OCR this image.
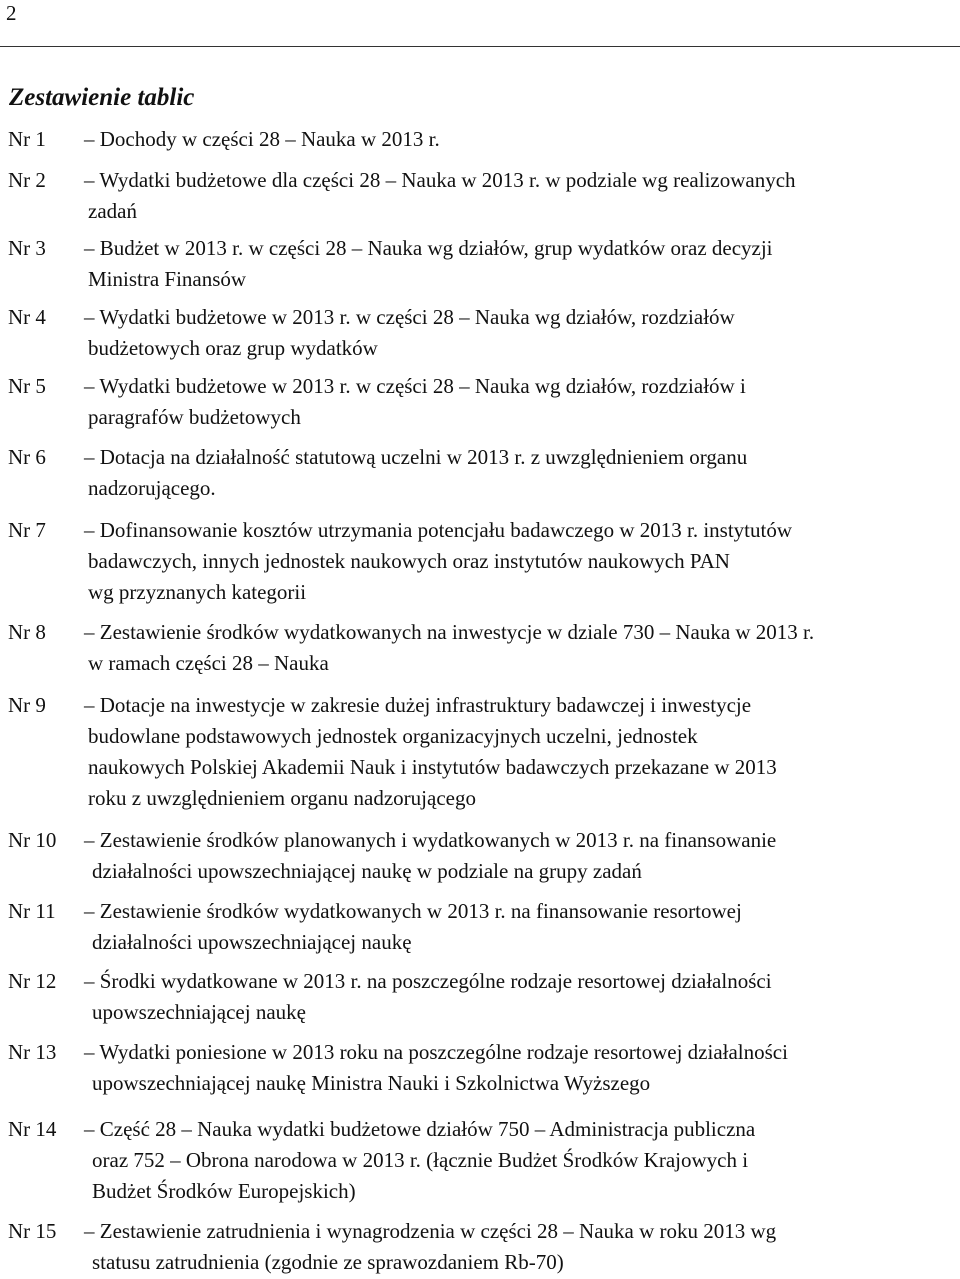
2
Zestawienie tablic
Nr 1 – Dochody w części 28 – Nauka w 2013 r.
Nr 2 – Wydatki budżetowe dla części 28 – Nauka w 2013 r. w podziale wg realizowanych
zadań
Nr 3 – Budżet w 2013 r. w części 28 – Nauka wg działów, grup wydatków oraz decyzji
Ministra Finansów
Nr 4 – Wydatki budżetowe w 2013 r. w części 28 – Nauka wg działów, rozdziałów
budżetowych oraz grup wydatków
Nr 5 – Wydatki budżetowe w 2013 r. w części 28 – Nauka wg działów, rozdziałów i
paragrafów budżetowych
Nr 6 – Dotacja na działalność statutową uczelni w 2013 r. z uwzględnieniem organu
nadzorującego.
Nr 7 – Dofinansowanie kosztów utrzymania potencjału badawczego w 2013 r. instytutów
badawczych, innych jednostek naukowych oraz instytutów naukowych PAN
wg przyznanych kategorii
Nr 8 – Zestawienie środków wydatkowanych na inwestycje w dziale 730 – Nauka w 2013 r.
w ramach części 28 – Nauka
Nr 9 – Dotacje na inwestycje w zakresie dużej infrastruktury badawczej i inwestycje
budowlane podstawowych jednostek organizacyjnych uczelni, jednostek
naukowych Polskiej Akademii Nauk i instytutów badawczych przekazane w 2013
roku z uwzględnieniem organu nadzorującego
Nr 10 – Zestawienie środków planowanych i wydatkowanych w 2013 r. na finansowanie
działalności upowszechniającej naukę w podziale na grupy zadań
Nr 11 – Zestawienie środków wydatkowanych w 2013 r. na finansowanie resortowej
działalności upowszechniającej naukę
Nr 12 – Środki wydatkowane w 2013 r. na poszczególne rodzaje resortowej działalności
upowszechniającej naukę
Nr 13 – Wydatki poniesione w 2013 roku na poszczególne rodzaje resortowej działalności
upowszechniającej naukę Ministra Nauki i Szkolnictwa Wyższego
Nr 14 – Część 28 – Nauka wydatki budżetowe działów 750 – Administracja publiczna
oraz 752 – Obrona narodowa w 2013 r. (łącznie Budżet Środków Krajowych i
Budżet Środków Europejskich)
Nr 15 – Zestawienie zatrudnienia i wynagrodzenia w części 28 – Nauka w roku 2013 wg
statusu zatrudnienia (zgodnie ze sprawozdaniem Rb-70)
